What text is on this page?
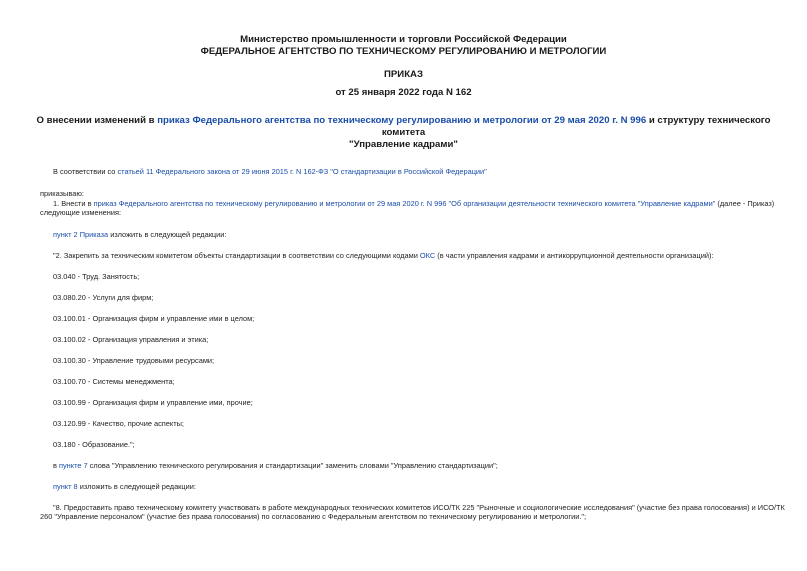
Министерство промышленности и торговли Российской Федерации
ФЕДЕРАЛЬНОЕ АГЕНТСТВО ПО ТЕХНИЧЕСКОМУ РЕГУЛИРОВАНИЮ И МЕТРОЛОГИИ
ПРИКАЗ
от 25 января 2022 года N 162
О внесении изменений в приказ Федерального агентства по техническому регулированию и метрологии от 29 мая 2020 г. N 996 и структуру технического комитета
"Управление кадрами"
В соответствии со статьей 11 Федерального закона от 29 июня 2015 г. N 162-ФЗ "О стандартизации в Российской Федерации"
приказываю:
1. Внести в приказ Федерального агентства по техническому регулированию и метрологии от 29 мая 2020 г. N 996 "Об организации деятельности технического комитета "Управление кадрами" (далее - Приказ)
следующие изменения:
пункт 2 Приказа изложить в следующей редакции:
"2. Закрепить за техническим комитетом объекты стандартизации в соответствии со следующими кодами ОКС (в части управления кадрами и антикоррупционной деятельности организаций):
03.040 - Труд. Занятость;
03.080.20 - Услуги для фирм;
03.100.01 - Организация фирм и управление ими в целом;
03.100.02 - Организация управления и этика;
03.100.30 - Управление трудовыми ресурсами;
03.100.70 - Системы менеджмента;
03.100.99 - Организация фирм и управление ими, прочие;
03.120.99 - Качество, прочие аспекты;
03.180 - Образование.";
в пункте 7 слова "Управлению технического регулирования и стандартизации" заменить словами "Управлению стандартизации";
пункт 8 изложить в следующей редакции:
"8. Предоставить право техническому комитету участвовать в работе международных технических комитетов ИСО/ТК 225 "Рыночные и социологические исследования" (участие без права голосования) и ИСО/ТК
260 "Управление персоналом" (участие без права голосования) по согласованию с Федеральным агентством по техническому регулированию и метрологии.";
